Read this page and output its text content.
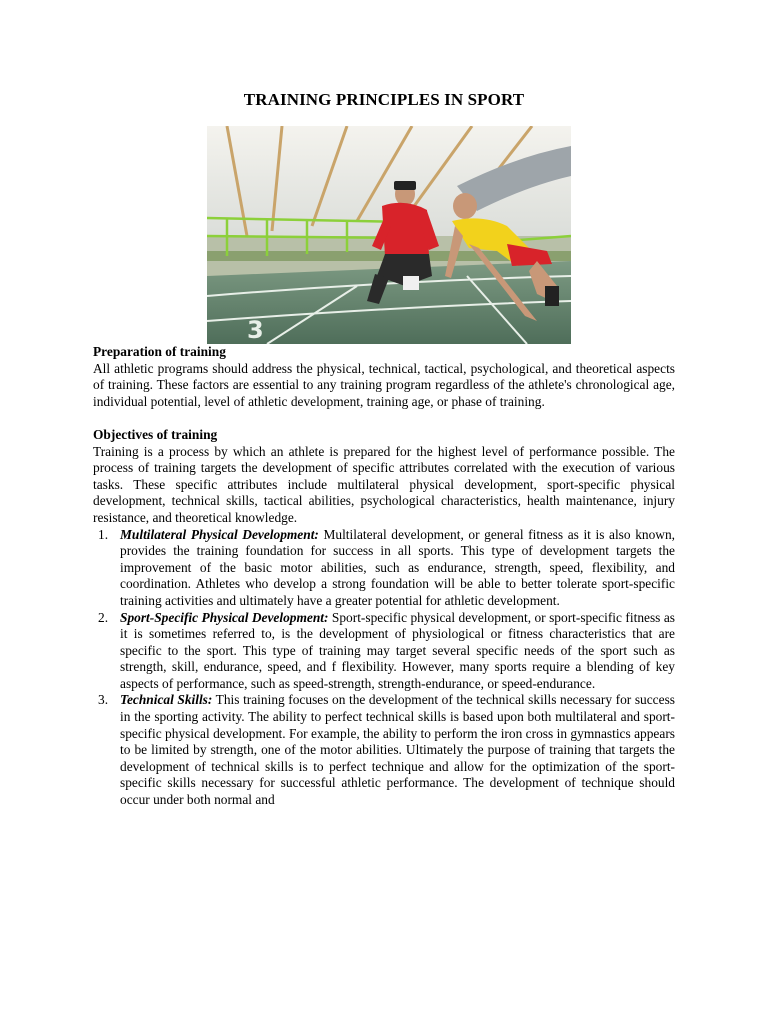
TRAINING PRINCIPLES IN SPORT
3
Preparation of training
All athletic programs should address the physical, technical, tactical, psychological, and theoretical aspects of training. These factors are essential to any training program regardless of the athlete's chronological age, individual potential, level of athletic development, training age, or phase of training.
Objectives of training
Training is a process by which an athlete is prepared for the highest level of performance possible. The process of training targets the development of specific attributes correlated with the execution of various tasks. These specific attributes include multilateral physical development, sport-specific physical development, technical skills, tactical abilities, psychological characteristics, health maintenance, injury resistance, and theoretical knowledge.
1. Multilateral Physical Development: Multilateral development, or general fitness as it is also known, provides the training foundation for success in all sports. This type of development targets the improvement of the basic motor abilities, such as endurance, strength, speed, flexibility, and coordination. Athletes who develop a strong foundation will be able to better tolerate sport-specific training activities and ultimately have a greater potential for athletic development.
2. Sport-Specific Physical Development: Sport-specific physical development, or sport-specific fitness as it is sometimes referred to, is the development of physiological or fitness characteristics that are specific to the sport. This type of training may target several specific needs of the sport such as strength, skill, endurance, speed, and f flexibility. However, many sports require a blending of key aspects of performance, such as speed-strength, strength-endurance, or speed-endurance.
3. Technical Skills: This training focuses on the development of the technical skills necessary for success in the sporting activity. The ability to perfect technical skills is based upon both multilateral and sport-specific physical development. For example, the ability to perform the iron cross in gymnastics appears to be limited by strength, one of the motor abilities. Ultimately the purpose of training that targets the development of technical skills is to perfect technique and allow for the optimization of the sport-specific skills necessary for successful athletic performance. The development of technique should occur under both normal and
